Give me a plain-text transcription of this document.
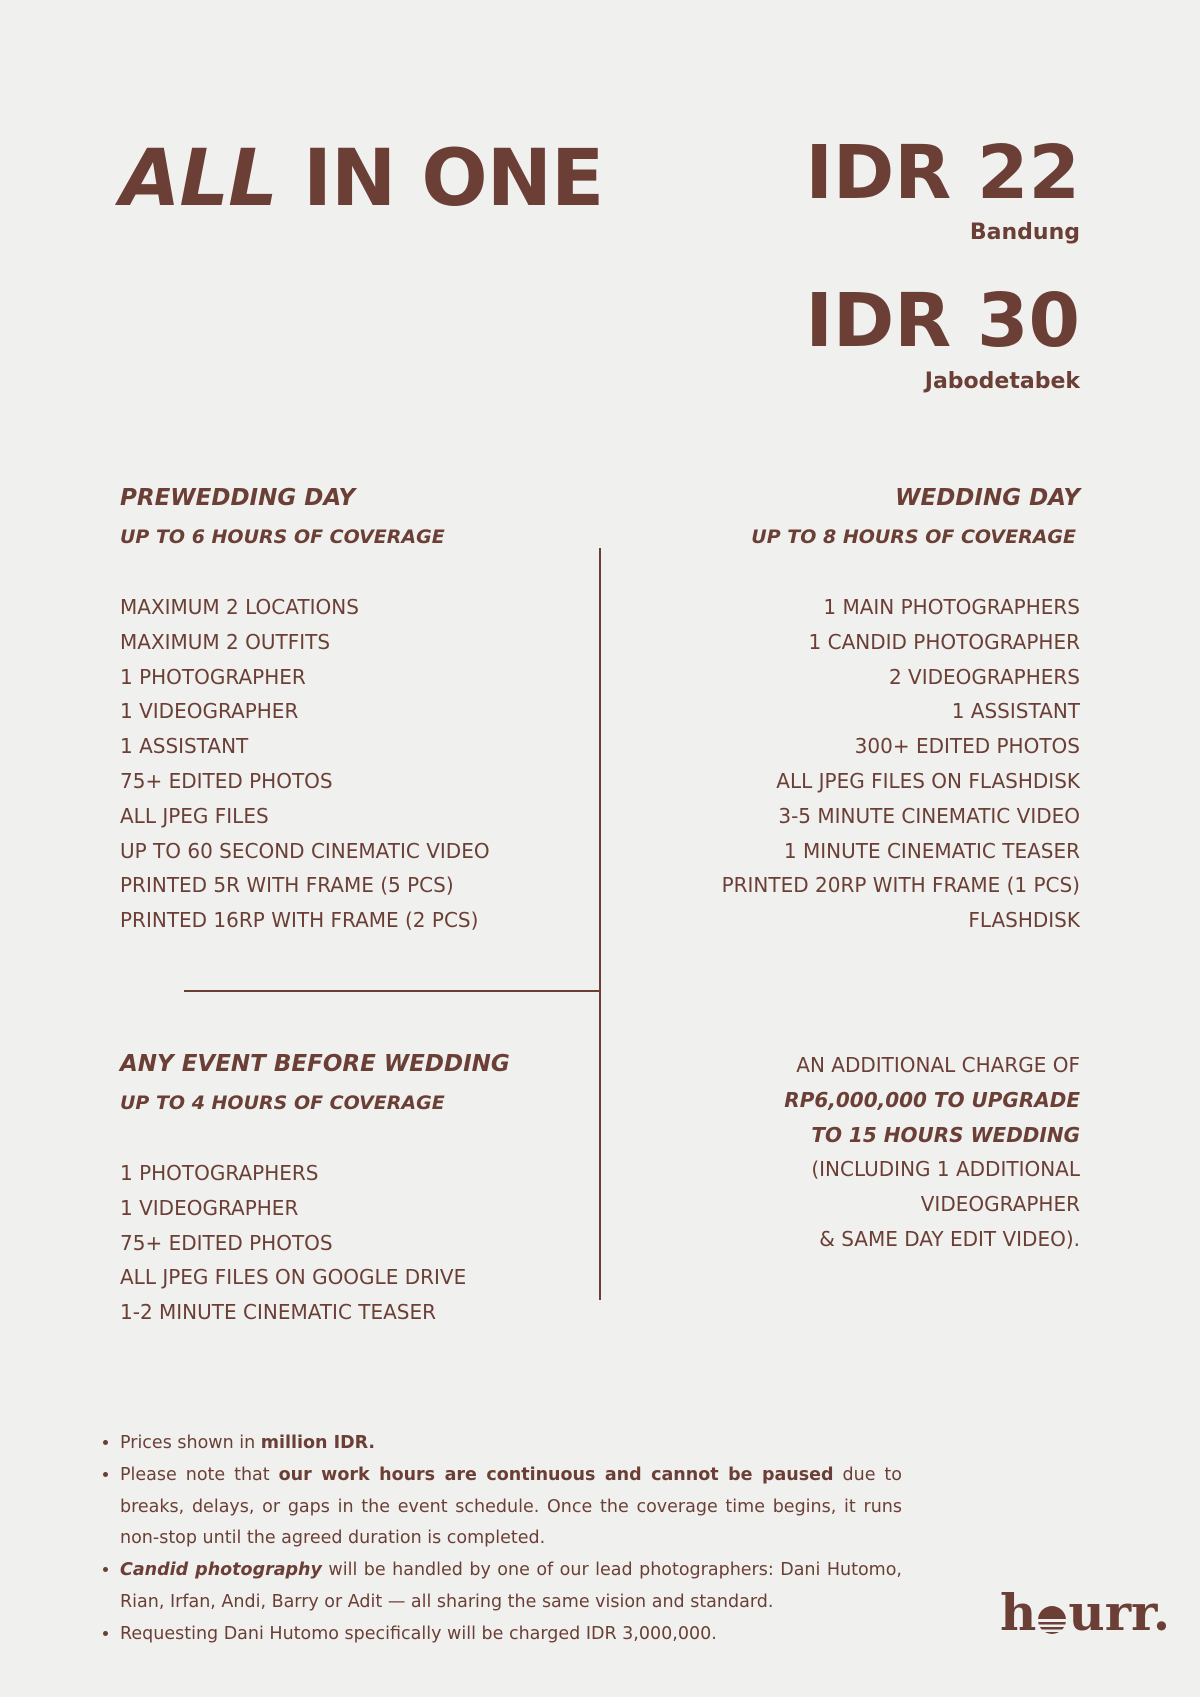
ALL IN ONE	IDR 22
Bandung
IDR 30
Jabodetabek
PREWEDDING DAY
UP TO 6 HOURS OF COVERAGE
MAXIMUM 2 LOCATIONS
MAXIMUM 2 OUTFITS
1 PHOTOGRAPHER
1 VIDEOGRAPHER
1 ASSISTANT
75+ EDITED PHOTOS
ALL JPEG FILES
UP TO 60 SECOND CINEMATIC VIDEO
PRINTED 5R WITH FRAME (5 PCS)
PRINTED 16RP WITH FRAME (2 PCS)
WEDDING DAY
UP TO 8 HOURS OF COVERAGE
1 MAIN PHOTOGRAPHERS
1 CANDID PHOTOGRAPHER
2 VIDEOGRAPHERS
1 ASSISTANT
300+ EDITED PHOTOS
ALL JPEG FILES ON FLASHDISK
3-5 MINUTE CINEMATIC VIDEO
1 MINUTE CINEMATIC TEASER
PRINTED 20RP WITH FRAME (1 PCS)
FLASHDISK
ANY EVENT BEFORE WEDDING
UP TO 4 HOURS OF COVERAGE
1 PHOTOGRAPHERS
1 VIDEOGRAPHER
75+ EDITED PHOTOS
ALL JPEG FILES ON GOOGLE DRIVE
1-2 MINUTE CINEMATIC TEASER
AN ADDITIONAL CHARGE OF
RP6,000,000 TO UPGRADE
TO 15 HOURS WEDDING
(INCLUDING 1 ADDITIONAL
VIDEOGRAPHER
& SAME DAY EDIT VIDEO).
• Prices shown in million IDR.
• Please note that our work hours are continuous and cannot be paused due to breaks, delays, or gaps in the event schedule. Once the coverage time begins, it runs non-stop until the agreed duration is completed.
• Candid photography will be handled by one of our lead photographers: Dani Hutomo, Rian, Irfan, Andi, Barry or Adit — all sharing the same vision and standard.
• Requesting Dani Hutomo specifically will be charged IDR 3,000,000.	h urr.
